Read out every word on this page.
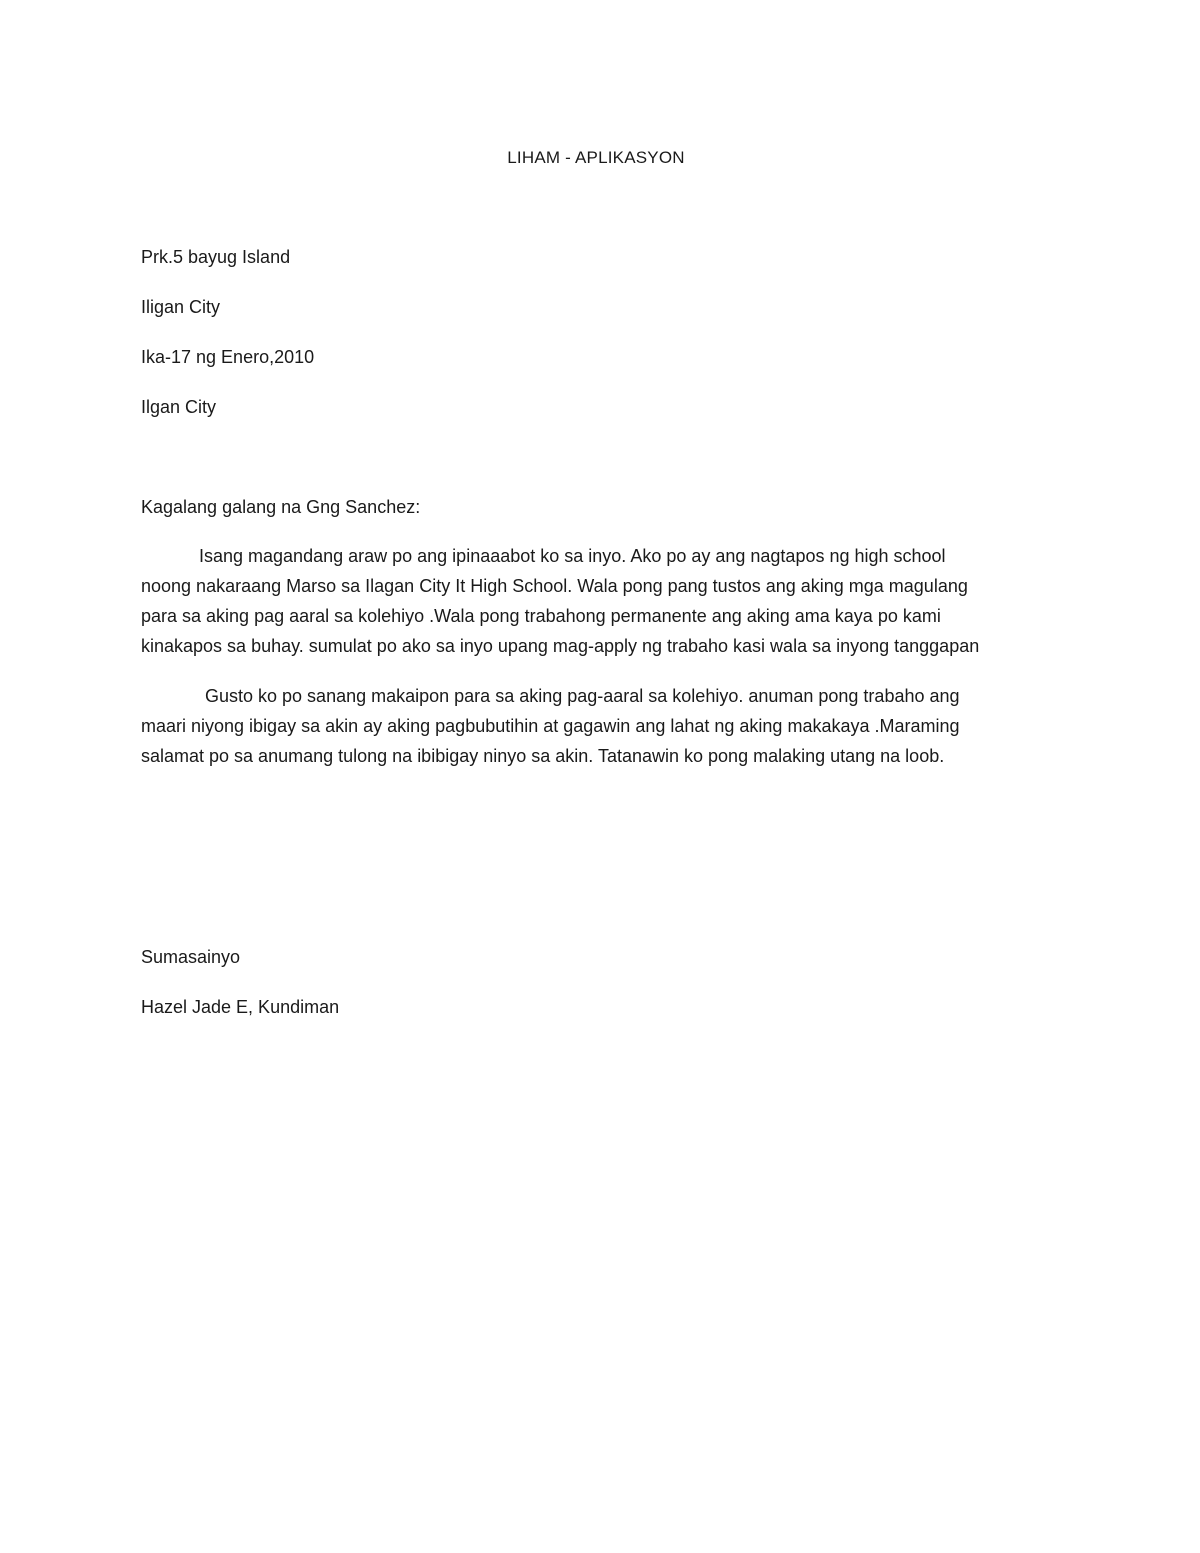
LIHAM - APLIKASYON
Prk.5 bayug Island
Iligan City
Ika-17 ng Enero,2010
Ilgan City
Kagalang galang na Gng Sanchez:
Isang magandang araw po ang ipinaaabot ko sa inyo. Ako po ay ang nagtapos ng high school
noong nakaraang Marso sa Ilagan City It High School. Wala pong pang tustos ang aking mga magulang
para sa aking pag aaral sa kolehiyo .Wala pong trabahong permanente ang aking ama kaya po kami
kinakapos sa buhay. sumulat po ako sa inyo upang mag-apply ng trabaho kasi wala sa inyong tanggapan
Gusto ko po sanang makaipon para sa aking pag-aaral sa kolehiyo. anuman pong trabaho ang
maari niyong ibigay sa akin ay aking pagbubutihin at gagawin ang lahat ng aking makakaya .Maraming
salamat po sa anumang tulong na ibibigay ninyo sa akin. Tatanawin ko pong malaking utang na loob.
Sumasainyo
Hazel Jade E, Kundiman
